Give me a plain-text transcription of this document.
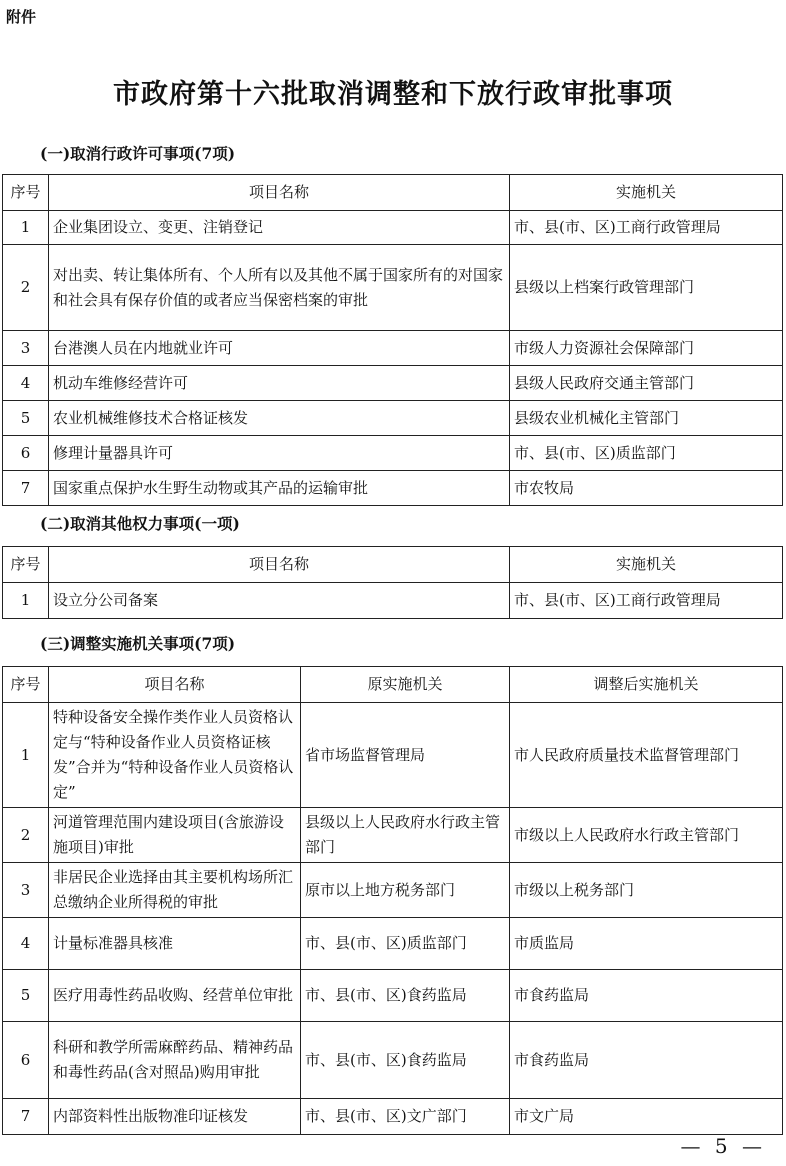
附件
市政府第十六批取消调整和下放行政审批事项
(一)取消行政许可事项(7项)
序号	项目名称	实施机关
1	企业集团设立、变更、注销登记	市、县(市、区)工商行政管理局
2	对出卖、转让集体所有、个人所有以及其他不属于国家所有的对国家和社会具有保存价值的或者应当保密档案的审批	县级以上档案行政管理部门
3	台港澳人员在内地就业许可	市级人力资源社会保障部门
4	机动车维修经营许可	县级人民政府交通主管部门
5	农业机械维修技术合格证核发	县级农业机械化主管部门
6	修理计量器具许可	市、县(市、区)质监部门
7	国家重点保护水生野生动物或其产品的运输审批	市农牧局
(二)取消其他权力事项(一项)
序号	项目名称	实施机关
1	设立分公司备案	市、县(市、区)工商行政管理局
(三)调整实施机关事项(7项)
序号	项目名称	原实施机关	调整后实施机关
1	特种设备安全操作类作业人员资格认定与“特种设备作业人员资格证核发”合并为“特种设备作业人员资格认定”	省市场监督管理局	市人民政府质量技术监督管理部门
2	河道管理范围内建设项目(含旅游设施项目)审批	县级以上人民政府水行政主管部门	市级以上人民政府水行政主管部门
3	非居民企业选择由其主要机构场所汇总缴纳企业所得税的审批	原市以上地方税务部门	市级以上税务部门
4	计量标准器具核准	市、县(市、区)质监部门	市质监局
5	医疗用毒性药品收购、经营单位审批	市、县(市、区)食药监局	市食药监局
6	科研和教学所需麻醉药品、精神药品和毒性药品(含对照品)购用审批	市、县(市、区)食药监局	市食药监局
7	内部资料性出版物准印证核发	市、县(市、区)文广部门	市文广局
— 5 —
